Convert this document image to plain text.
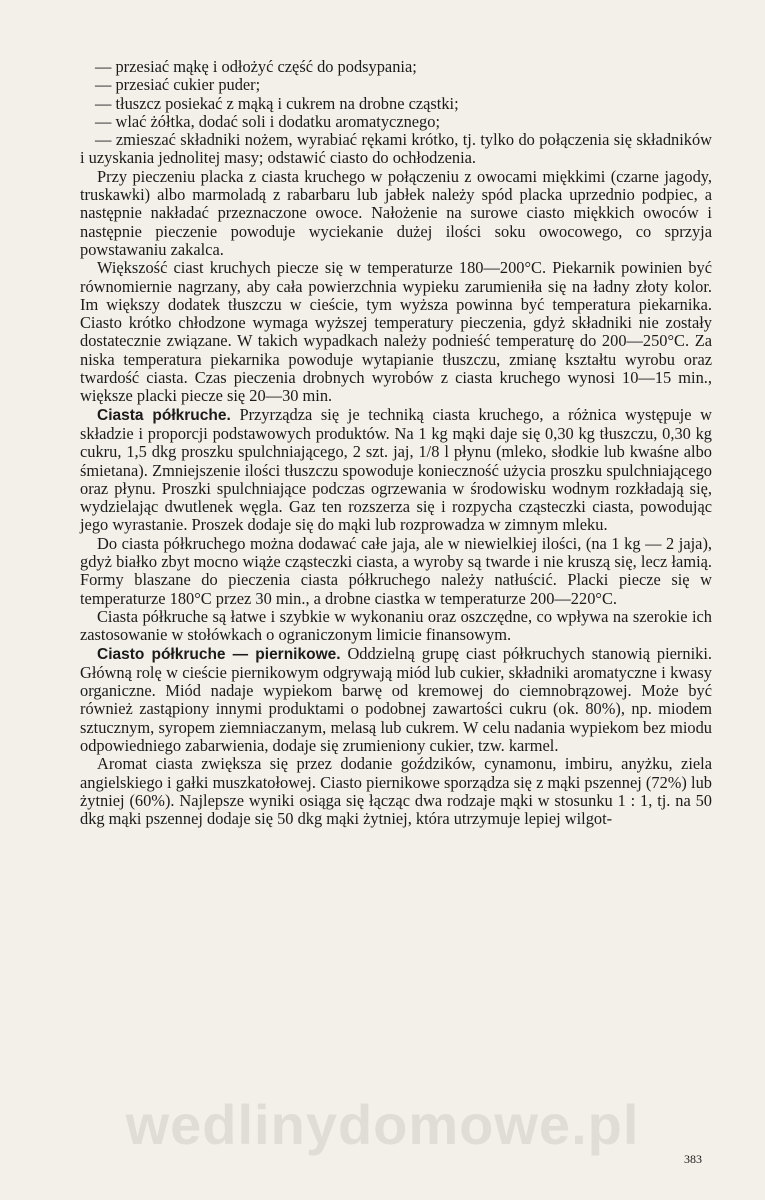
— przesiać mąkę i odłożyć część do podsypania;

— przesiać cukier puder;

— tłuszcz posiekać z mąką i cukrem na drobne cząstki;

— wlać żółtka, dodać soli i dodatku aromatycznego;

— zmieszać składniki nożem, wyrabiać rękami krótko, tj. tylko do połączenia się składników i uzyskania jednolitej masy; odstawić ciasto do ochłodzenia.

Przy pieczeniu placka z ciasta kruchego w połączeniu z owocami miękkimi (czarne jagody, truskawki) albo marmoladą z rabarbaru lub jabłek należy spód placka uprzednio podpiec, a następnie nakładać przeznaczone owoce. Nałożenie na surowe ciasto miękkich owoców i następnie pieczenie powoduje wyciekanie dużej ilości soku owocowego, co sprzyja powstawaniu zakalca.

Większość ciast kruchych piecze się w temperaturze 180—200°C. Piekarnik powinien być równomiernie nagrzany, aby cała powierzchnia wypieku zarumieniła się na ładny złoty kolor. Im większy dodatek tłuszczu w cieście, tym wyższa powinna być temperatura piekarnika. Ciasto krótko chłodzone wymaga wyższej temperatury pieczenia, gdyż składniki nie zostały dostatecznie związane. W takich wypadkach należy podnieść temperaturę do 200—250°C. Za niska temperatura piekarnika powoduje wytapianie tłuszczu, zmianę kształtu wyrobu oraz twardość ciasta. Czas pieczenia drobnych wyrobów z ciasta kruchego wynosi 10—15 min., większe placki piecze się 20—30 min.

Ciasta półkruche. Przyrządza się je techniką ciasta kruchego, a różnica występuje w składzie i proporcji podstawowych produktów. Na 1 kg mąki daje się 0,30 kg tłuszczu, 0,30 kg cukru, 1,5 dkg proszku spulchniającego, 2 szt. jaj, 1/8 l płynu (mleko, słodkie lub kwaśne albo śmietana). Zmniejszenie ilości tłuszczu spowoduje konieczność użycia proszku spulchniającego oraz płynu. Proszki spulchniające podczas ogrzewania w środowisku wodnym rozkładają się, wydzielając dwutlenek węgla. Gaz ten rozszerza się i rozpycha cząsteczki ciasta, powodując jego wyrastanie. Proszek dodaje się do mąki lub rozprowadza w zimnym mleku.

Do ciasta półkruchego można dodawać całe jaja, ale w niewielkiej ilości, (na 1 kg — 2 jaja), gdyż białko zbyt mocno wiąże cząsteczki ciasta, a wyroby są twarde i nie kruszą się, lecz łamią. Formy blaszane do pieczenia ciasta półkruchego należy natłuścić. Placki piecze się w temperaturze 180°C przez 30 min., a drobne ciastka w temperaturze 200—220°C.

Ciasta półkruche są łatwe i szybkie w wykonaniu oraz oszczędne, co wpływa na szerokie ich zastosowanie w stołówkach o ograniczonym limicie finansowym.

Ciasto półkruche — piernikowe. Oddzielną grupę ciast półkruchych stanowią pierniki. Główną rolę w cieście piernikowym odgrywają miód lub cukier, składniki aromatyczne i kwasy organiczne. Miód nadaje wypiekom barwę od kremowej do ciemnobrązowej. Może być również zastąpiony innymi produktami o podobnej zawartości cukru (ok. 80%), np. miodem sztucznym, syropem ziemniaczanym, melasą lub cukrem. W celu nadania wypiekom bez miodu odpowiedniego zabarwienia, dodaje się zrumieniony cukier, tzw. karmel.

Aromat ciasta zwiększa się przez dodanie goździków, cynamonu, imbiru, anyżku, ziela angielskiego i gałki muszkatołowej. Ciasto piernikowe sporządza się z mąki pszennej (72%) lub żytniej (60%). Najlepsze wyniki osiąga się łącząc dwa rodzaje mąki w stosunku 1 : 1, tj. na 50 dkg mąki pszennej dodaje się 50 dkg mąki żytniej, która utrzymuje lepiej wilgot-

wedlinydomowe.pl
383
